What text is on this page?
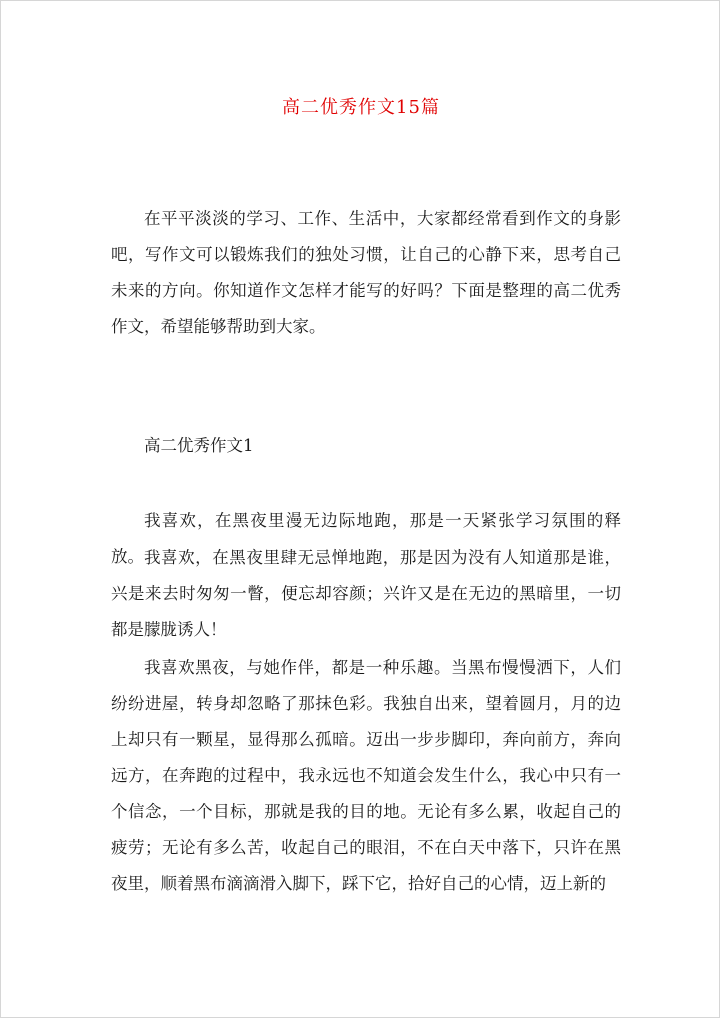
高二优秀作文15篇

在平平淡淡的学习、工作、生活中，大家都经常看到作文的身影吧，写作文可以锻炼我们的独处习惯，让自己的心静下来，思考自己未来的方向。你知道作文怎样才能写的好吗？下面是整理的高二优秀作文，希望能够帮助到大家。

高二优秀作文1

我喜欢，在黑夜里漫无边际地跑，那是一天紧张学习氛围的释放。 我喜欢，在黑夜里肆无忌惮地跑，那是因为没有人知道那是谁，兴是来去时匆匆一瞥，便忘却容颜；兴许又是在无边的黑暗里，一切都是朦胧诱人！

我喜欢黑夜，与她作伴，都是一种乐趣。当黑布慢慢洒下，人们纷纷进屋，转身却忽略了那抹色彩。我独自出来，望着圆月，月的边上却只有一颗星，显得那么孤暗。迈出一步步脚印，奔向前方，奔向远方，在奔跑的过程中，我永远也不知道会发生什么，我心中只有一个信念，一个目标，那就是我的目的地。无论有多么累，收起自己的疲劳；无论有多么苦，收起自己的眼泪，不在白天中落下，只许在黑夜里，顺着黑布滴滴滑入脚下，踩下它，拾好自己的心情，迈上新的
